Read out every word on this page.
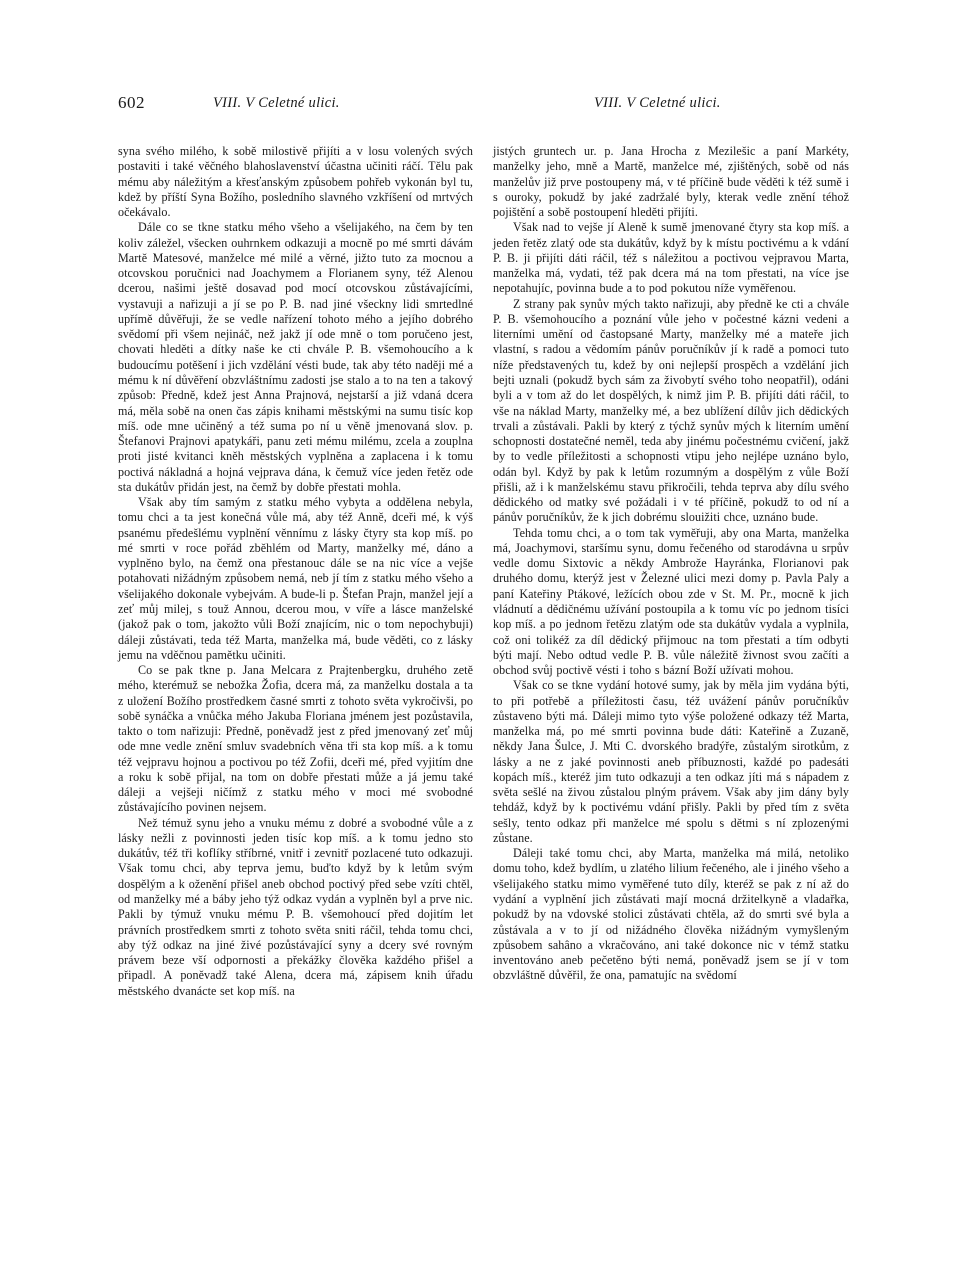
602	VIII. V Celetné ulici.	VIII. V Celetné ulici.

syna svého milého, k sobě milostivě přijíti a v losu volených svých postaviti i také věčného blahoslavenství účastna učiniti ráčí. Tělu pak mému aby náležitým a křesťanským způsobem pohřeb vykonán byl tu, kdež by příští Syna Božího, posledního slavného vzkříšení od mrtvých očekávalo.

Dále co se tkne statku mého všeho a všelijakého, na čem by ten koliv záležel, všecken ouhrnkem odkazuji a mocně po mé smrti dávám Martě Matesové, manželce mé milé a věrné, jižto tuto za mocnou a otcovskou poručnici nad Joachymem a Florianem syny, též Alenou dcerou, našimi ještě dosavad pod mocí otcovskou zůstávajícími, vystavuji a nařizuji a jí se po P. B. nad jiné všeckny lidi smrtedlné upřímě důvěřuji, že se vedle nařízení tohoto mého a jejího dobrého svědomí při všem nejináč, než jakž jí ode mně o tom poručeno jest, chovati hleděti a dítky naše ke cti chvále P. B. všemohoucího a k budoucímu potěšení i jich vzdělání vésti bude, tak aby této naději mé a mému k ní důvěření obzvláštnímu zadosti jse stalo a to na ten a takový způsob: Předně, kdež jest Anna Prajnová, nejstarší a již vdaná dcera má, měla sobě na onen čas zápis knihami městskými na sumu tisíc kop míš. ode mne učiněný a též suma po ní u věně jmenovaná slov. p. Štefanovi Prajnovi apatykáři, panu zeti mému milému, zcela a zouplna proti jisté kvitanci kněh městských vyplněna a zaplacena i k tomu poctivá nákladná a hojná vejprava dána, k čemuž více jeden řetěz ode sta dukátův přidán jest, na čemž by dobře přestati mohla.

Však aby tím samým z statku mého vybyta a oddělena nebyla, tomu chci a ta jest konečná vůle má, aby též Anně, dceři mé, k výš psanému předešlému vyplnění věnnímu z lásky čtyry sta kop míš. po mé smrti v roce pořád zběhlém od Marty, manželky mé, dáno a vyplněno bylo, na čemž ona přestanouc dále se na nic více a vejše potahovati nižádným způsobem nemá, neb jí tím z statku mého všeho a všelijakého dokonale vybejvám. A bude-li p. Štefan Prajn, manžel její a zeť můj milej, s touž Annou, dcerou mou, v víře a lásce manželské (jakož pak o tom, jakožto vůli Boží znajícím, nic o tom nepochybuji) dáleji zůstávati, teda též Marta, manželka má, bude věděti, co z lásky jemu na vděčnou pamětku učiniti.

Co se pak tkne p. Jana Melcara z Prajtenbergku, druhého zetě mého, kterémuž se nebožka Žofia, dcera má, za manželku dostala a ta z uložení Božího prostředkem časné smrti z tohoto světa vykročivši, po sobě synáčka a vnůčka mého Jakuba Floriana jménem jest pozůstavila, takto o tom nařizuji: Předně, poněvadž jest z před jmenovaný zeť můj ode mne vedle znění smluv svadebních věna tři sta kop míš. a k tomu též vejpravu hojnou a poctivou po též Zofii, dceři mé, před vyjitím dne a roku k sobě přijal, na tom on dobře přestati může a já jemu také dáleji a vejšeji ničímž z statku mého v moci mé svobodné zůstávajícího povinen nejsem.

Než témuž synu jeho a vnuku mému z dobré a svobodné vůle a z lásky nežli z povinnosti jeden tisíc kop míš. a k tomu jedno sto dukátův, též tři koflíky stříbrné, vnitř i zevnitř pozlacené tuto odkazuji. Však tomu chci, aby teprva jemu, buďto když by k letům svým dospělým a k oženění přišel aneb obchod poctivý před sebe vzíti chtěl, od manželky mé a báby jeho týž odkaz vydán a vyplněn byl a prve nic. Pakli by týmuž vnuku mému P. B. všemohoucí před dojitím let právních prostředkem smrti z tohoto světa sniti ráčil, tehda tomu chci, aby týž odkaz na jiné živé pozůstávající syny a dcery své rovným právem beze vší odpornosti a překážky člověka každého přišel a připadl. A poněvadž také Alena, dcera má, zápisem knih úřadu městského dvanácte set kop míš. na

jistých gruntech ur. p. Jana Hrocha z Mezilešic a paní Markéty, manželky jeho, mně a Martě, manželce mé, zjištěných, sobě od nás manželův již prve postoupeny má, v té příčině bude věděti k též sumě i s ouroky, pokudž by jaké zadržalé byly, kterak vedle znění téhož pojištění a sobě postoupení hleděti přijíti.

Však nad to vejše jí Aleně k sumě jmenované čtyry sta kop míš. a jeden řetěz zlatý ode sta dukátův, když by k místu poctivému a k vdání P. B. ji přijíti dáti ráčil, též s náležitou a poctivou vejpravou Marta, manželka má, vydati, též pak dcera má na tom přestati, na více jse nepotahujíc, povinna bude a to pod pokutou níže vyměřenou.

Z strany pak synův mých takto nařizuji, aby předně ke cti a chvále P. B. všemohoucího a poznání vůle jeho v počestné kázni vedeni a literními umění od častopsané Marty, manželky mé a mateře jich vlastní, s radou a vědomím pánův poručníkův jí k radě a pomoci tuto níže představených tu, kdež by oni nejlepší prospěch a vzdělání jich bejti uznali (pokudž bych sám za živobytí svého toho neopatřil), odáni byli a v tom až do let dospělých, k nimž jim P. B. přijíti dáti ráčil, to vše na náklad Marty, manželky mé, a bez ublížení dílův jich dědických trvali a zůstávali. Pakli by který z týchž synův mých k literním umění schopnosti dostatečné neměl, teda aby jinému počestnému cvičení, jakž by to vedle příležitosti a schopnosti vtipu jeho nejlépe uznáno bylo, odán byl. Když by pak k letům rozumným a dospělým z vůle Boží přišli, až i k manželskému stavu přikročili, tehda teprva aby dílu svého dědického od matky své požádali i v té příčině, pokudž to od ní a pánův poručníkův, že k jich dobrému slouižiti chce, uznáno bude.

Tehda tomu chci, a o tom tak vyměřuji, aby ona Marta, manželka má, Joachymovi, staršímu synu, domu řečeného od starodávna u srpův vedle domu Sixtovic a někdy Ambrože Hayránka, Florianovi pak druhého domu, kterýž jest v Železné ulici mezi domy p. Pavla Paly a paní Kateřiny Ptákové, ležících obou zde v St. M. Pr., mocně k jich vládnutí a dědičnému užívání postoupila a k tomu víc po jednom tisíci kop míš. a po jednom řetězu zlatým ode sta dukátův vydala a vyplnila, což oni tolikéž za díl dědický přijmouc na tom přestati a tím odbyti býti mají. Nebo odtud vedle P. B. vůle náležitě živnost svou začíti a obchod svůj poctivě vésti i toho s bázní Boží užívati mohou.

Však co se tkne vydání hotové sumy, jak by měla jim vydána býti, to při potřebě a příležitosti času, též uvážení pánův poručníkův zůstaveno býti má. Dáleji mimo tyto výše položené odkazy též Marta, manželka má, po mé smrti povinna bude dáti: Kateřině a Zuzaně, někdy Jana Šulce, J. Mti C. dvorského bradýře, zůstalým sirotkům, z lásky a ne z jaké povinnosti aneb příbuznosti, každé po padesáti kopách míš., kteréž jim tuto odkazuji a ten odkaz jíti má s nápadem z světa sešlé na živou zůstalou plným právem. Však aby jim dány byly tehdáž, když by k poctivému vdání přišly. Pakli by před tím z světa sešly, tento odkaz při manželce mé spolu s dětmi s ní zplozenými zůstane.

Dáleji také tomu chci, aby Marta, manželka má milá, netoliko domu toho, kdež bydlím, u zlatého lilium řečeného, ale i jiného všeho a všelijakého statku mimo vyměřené tuto díly, kteréž se pak z ní až do vydání a vyplnění jich zůstávati mají mocná držitelkyně a vladařka, pokudž by na vdovské stolici zůstávati chtěla, až do smrti své byla a zůstávala a v to jí od nižádného člověka nižádným vymyšleným způsobem sahâno a vkračováno, ani také dokonce nic v témž statku inventováno aneb pečetěno býti nemá, poněvadž jsem se jí v tom obzvláštně důvěřil, že ona, pamatujíc na svědomí
